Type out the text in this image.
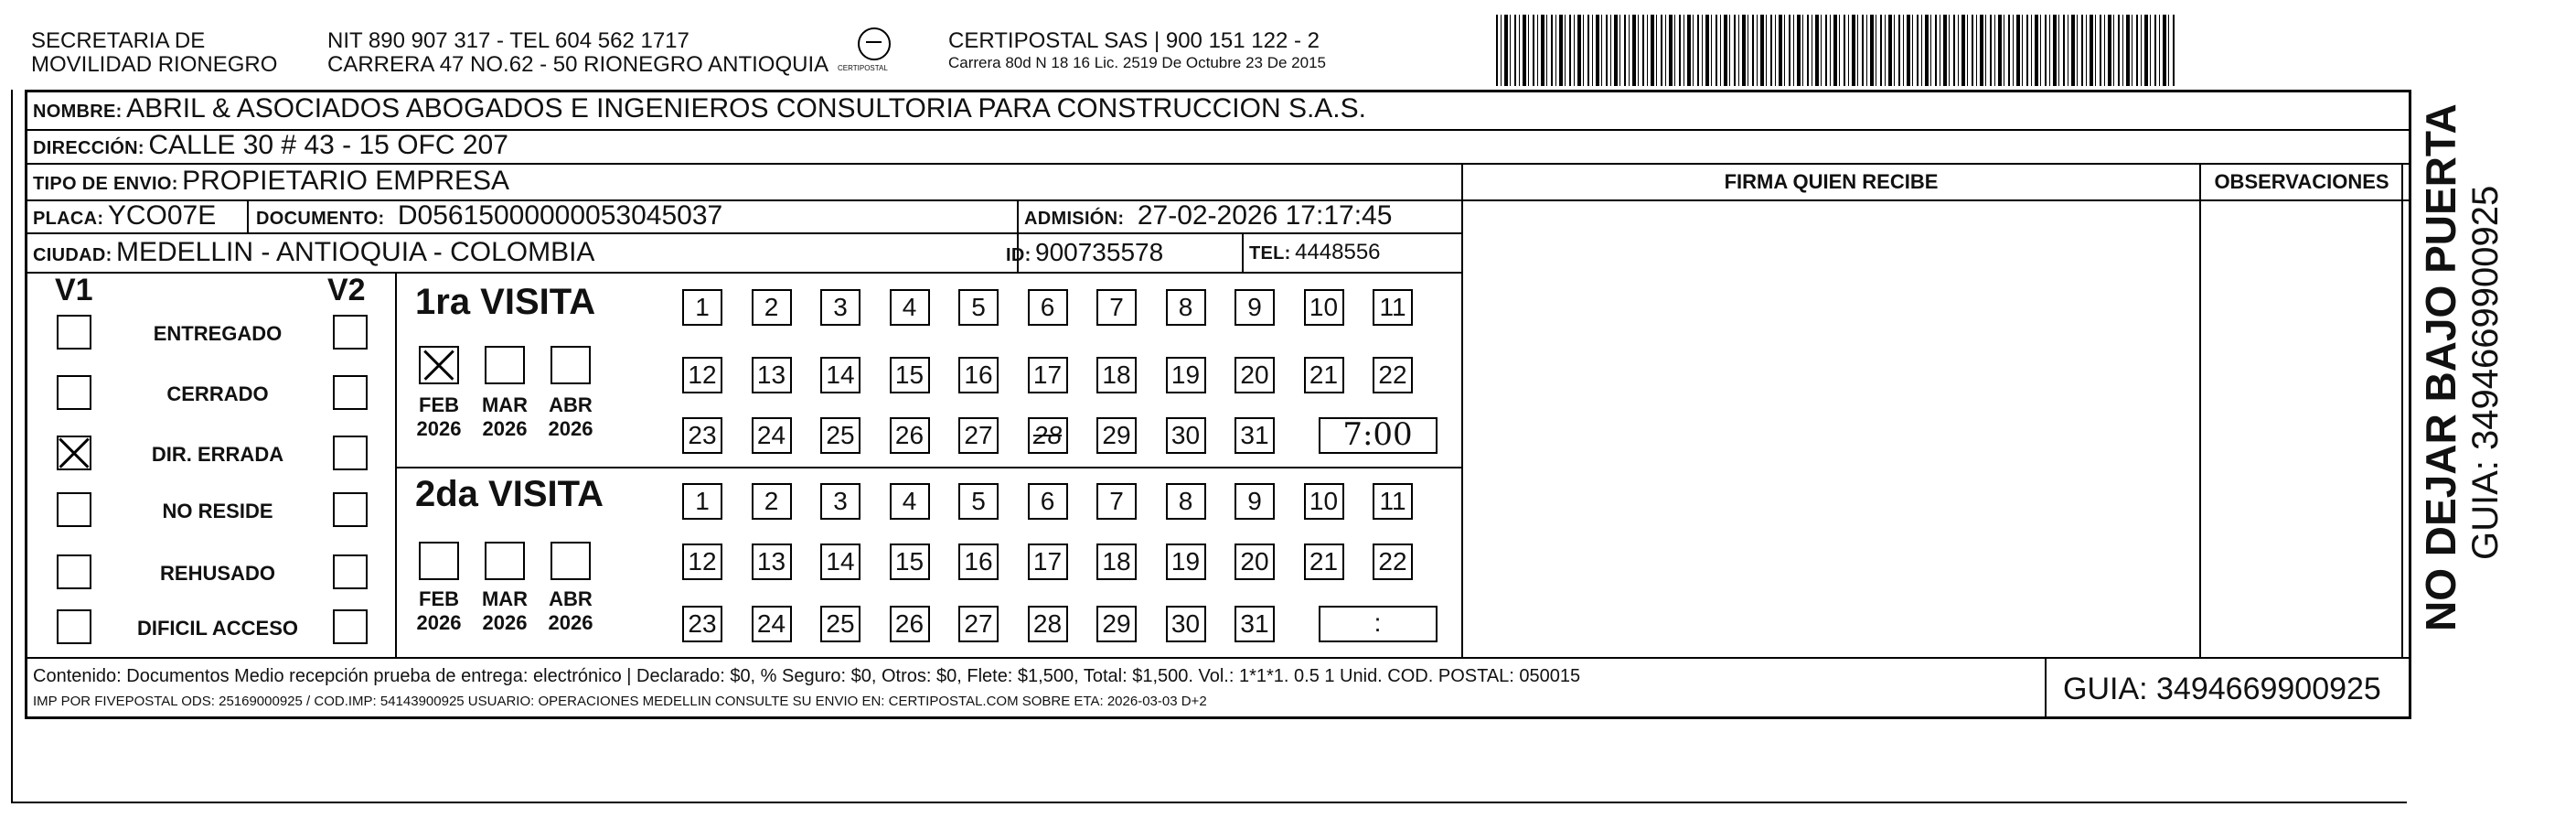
SECRETARIA DE
MOVILIDAD RIONEGRO
NIT 890 907 317 - TEL 604 562 1717
CARRERA 47 NO.62 - 50 RIONEGRO ANTIOQUIA CERTIPOSTAL
CERTIPOSTAL SAS | 900 151 122 - 2
Carrera 80d N 18 16 Lic. 2519 De Octubre 23 De 2015
NOMBRE: ABRIL & ASOCIADOS ABOGADOS E INGENIEROS CONSULTORIA PARA CONSTRUCCION S.A.S.
DIRECCIÓN: CALLE 30 # 43 - 15 OFC 207
TIPO DE ENVIO: PROPIETARIO EMPRESA
PLACA: YCO07E DOCUMENTO: D05615000000053045037	ADMISIÓN: 27-02-2026 17:17:45
CIUDAD: MEDELLIN - ANTIOQUIA - COLOMBIA	ID: 900735578	TEL: 4448556
FIRMA QUIEN RECIBE	OBSERVACIONES
V1	V2
ENTREGADO
CERRADO
DIR. ERRADA
NO RESIDE
REHUSADO
DIFICIL ACCESO
1ra VISITA
2da VISITA
FEB
2026
MAR
2026
ABR
2026
FEB
2026
MAR
2026
ABR
2026
1	2	3	4	5	6	7	8	9	10 11
12 13 14 15 16 17 18 19 20 21 22
23 24 25 26 27 28 29 30 31	7:00
1	2	3	4	5	6	7	8	9	10 11
12 13 14 15 16 17 18 19 20 21 22
23 24 25 26 27 28 29 30 31	:
Contenido: Documentos Medio recepción prueba de entrega: electrónico | Declarado: $0, % Seguro: $0, Otros: $0, Flete: $1,500, Total: $1,500. Vol.: 1*1*1. 0.5 1 Unid. COD. POSTAL: 050015
IMP POR FIVEPOSTAL ODS: 25169000925 / COD.IMP: 54143900925 USUARIO: OPERACIONES MEDELLIN CONSULTE SU ENVIO EN: CERTIPOSTAL.COM SOBRE ETA: 2026-03-03 D+2	GUIA: 3494669900925
NO DEJAR BAJO PUERTA GUIA: 3494669900925
